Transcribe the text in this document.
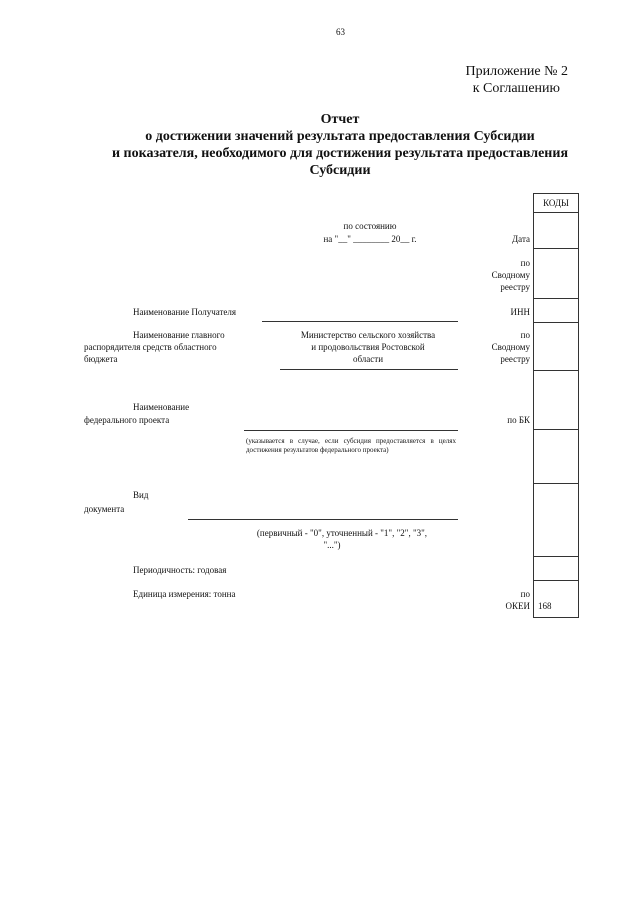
63
Приложение № 2
к Соглашению
Отчет
о достижении значений результата предоставления Субсидии
и показателя, необходимого для достижения результата предоставления
Субсидии
КОДЫ
168
по состоянию
на "__" ________ 20__ г.	Дата
по
Сводному
реестру
ИНН
по
Сводному
реестру
по БК
по
ОКЕИ
Наименование Получателя
Наименование главного
распорядителя средств областного
бюджета
Министерство сельского хозяйства
и продовольствия Ростовской
области
Наименование
федерального проекта
(указывается в случае, если субсидия предоставляется в целях достижения результатов федерального проекта)
Вид
документа
(первичный - "0", уточненный - "1", "2", "3",
"...")
Периодичность: годовая
Единица измерения: тонна
